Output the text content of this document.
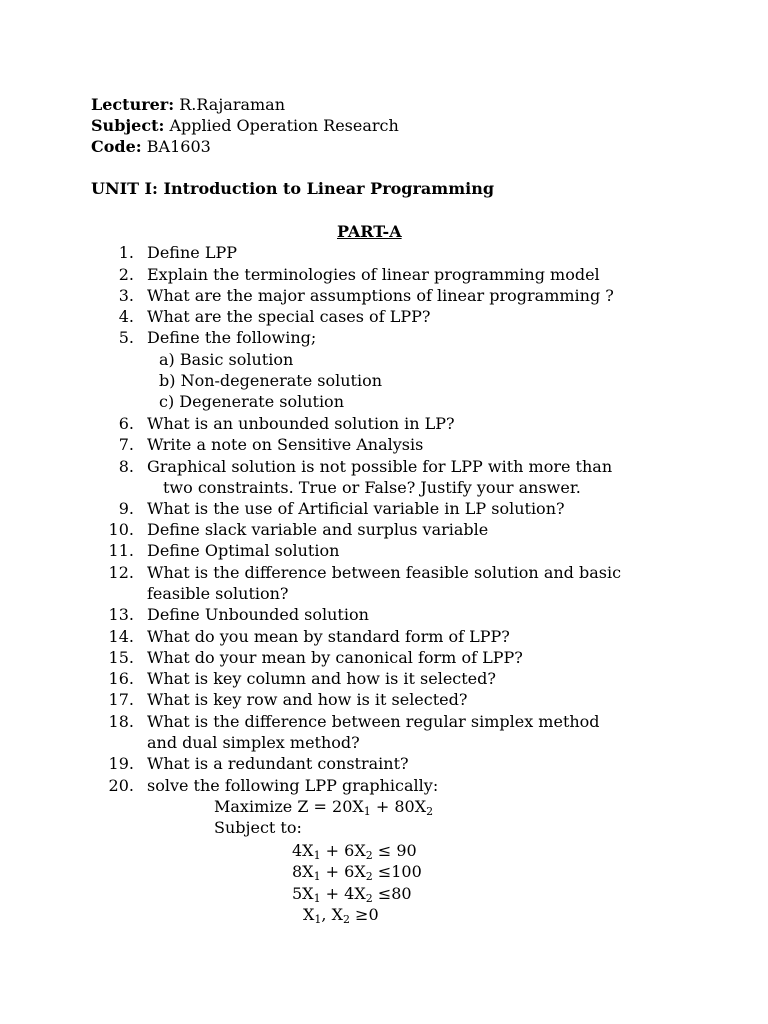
Lecturer: R.Rajaraman
Subject: Applied Operation Research
Code: BA1603
UNIT I: Introduction to Linear Programming
PART-A
1. Define LPP
2. Explain the terminologies of linear programming model
3. What are the major assumptions of linear programming ?
4. What are the special cases of LPP?
5. Define the following;
a) Basic solution
b) Non-degenerate solution
c) Degenerate solution
6. What is an unbounded solution in LP?
7. Write a note on Sensitive Analysis
8. Graphical solution is not possible for LPP with more than
two constraints. True or False? Justify your answer.
9. What is the use of Artificial variable in LP solution?
10. Define slack variable and surplus variable
11. Define Optimal solution
12. What is the difference between feasible solution and basic
feasible solution?
13. Define Unbounded solution
14. What do you mean by standard form of LPP?
15. What do your mean by canonical form of LPP?
16. What is key column and how is it selected?
17. What is key row and how is it selected?
18. What is the difference between regular simplex method
and dual simplex method?
19. What is a redundant constraint?
20. solve the following LPP graphically:
Maximize $Z = 20X_1 + 80X_2$
Subject to:
$4X_1 + 6X_2 \le 90$
$8X_1 + 6X_2 \le 100$
$5X_1 + 4X_2 \le 80$
$X_1$, $X_2 \ge 0$
